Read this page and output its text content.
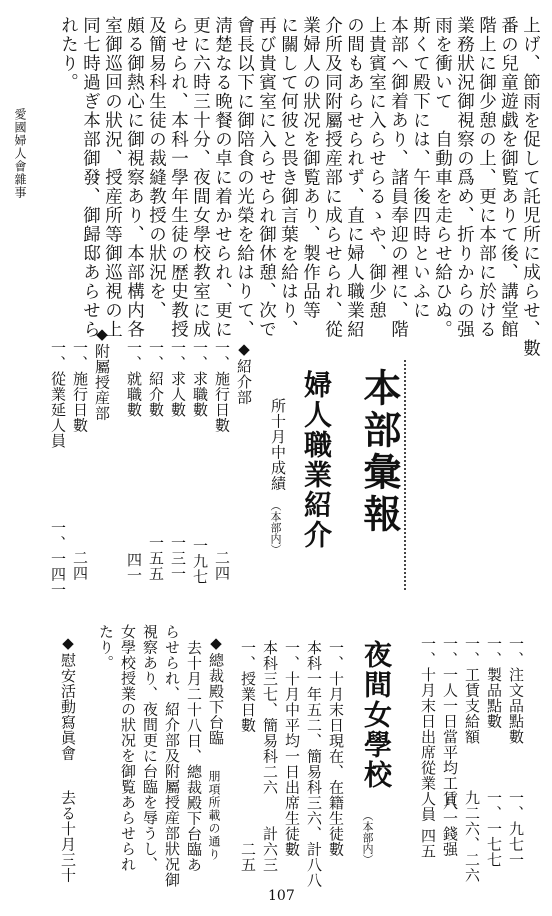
愛國婦人會雜事	上げ、節雨を促して託児所に成らせ、數
番の兒童遊戯を御覧ありて後、講堂館
階上に御少憩の上、更に本部に於ける
業務狀況御視察の爲め、折りからの强
雨を衝いて　自動車を走らせ給ひぬ。
斯くて殿下には、午後四時といふに
本部へ御着あり、諸員奉迎の裡に、階
上貴賓室に入らせらるゝや、御少憩
の間もあらせられず、直に婦人職業紹
介所及同附屬授産部に成らせられ、從
業婦人の狀况を御覧あり、製作品等
に關して何彼と畏き御言葉を給はり、
再び貴賓室に入らせられ御休憩、次で
會長以下に御陪食の光榮を給はりて、
淸楚なる晩餐の卓に着かせられ、更に
更に六時三十分、夜間女學校教室に成
らせられ、本科一學年生徒の歴史教授
及簡易科生徒の裁縫教授の狀況を、
頗る御熱心に御視察あり、本部構内各
室御巡回の狀況、授産所等御巡視の上
同七時過ぎ本部御發、御歸邸あらせら
れたり。
本部彙報
婦人職業紹介
所十月中成績
（本部内）
◆紹介部
一、施行日數
二四
一、求職數
一九七
一、求人數
一三一
一、紹介數
一五五
一、就職數
四一
◆附屬授産部
一、施行日數
二四
一、從業延人員
一、一四一
一、注文品點數
一、九七一
一、製品點數
一、一七七
一、工賃支給額
九二六、二六
一、一人一日當平均工賃
八一錢强
一、十月末日出席從業人員
四五
夜間女學校
（本部内）
一、十月末日現在、在籍生徒數
本科一年五二、簡易科三六、計八八
一、十月中平均一日出席生徒數
本科三七、簡易科二六　　計六三
一、授業日數　　　　　　　二五
◆總裁殿下台臨
朋項所載の通り
去十月二十八日、總裁殿下台臨あ
らせられ、紹介部及附屬授産部狀况御
視察あり、夜間更に台臨を辱うし、
女學校授業の狀况を御覧あらせられ
たり。
◆慰安活動寫眞會
去る十月三十
107
